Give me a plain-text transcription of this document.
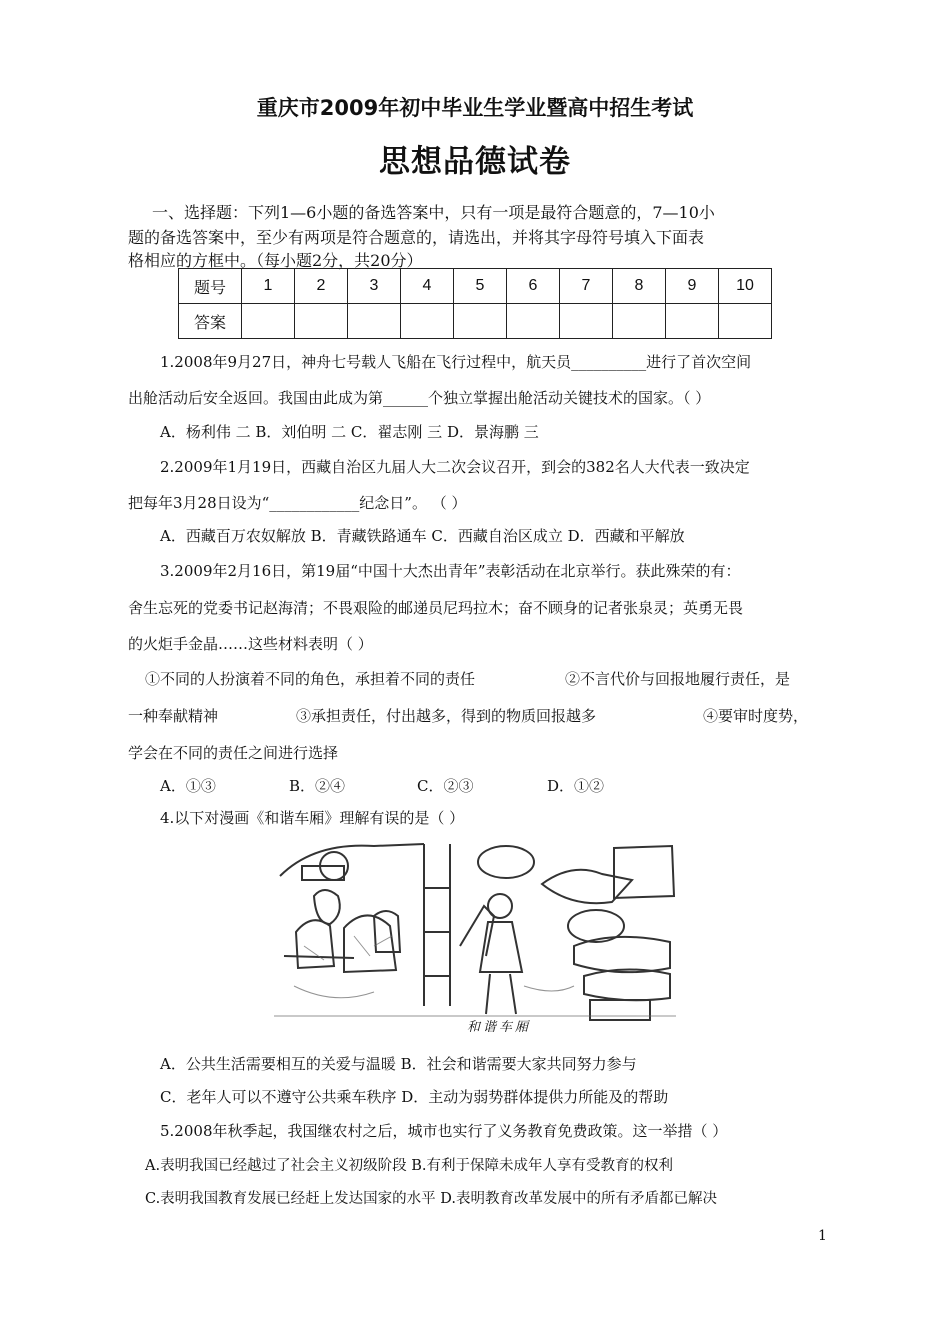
重庆市2009年初中毕业生学业暨高中招生考试
思想品德试卷
一、选择题：下列1—6小题的备选答案中，只有一项是最符合题意的，7—10小
题的备选答案中，至少有两项是符合题意的，请选出，并将其字母符号填入下面表
格相应的方框中。（每小题2分，共20分）
题号	1	2	3	4	5	6	7	8	9	10
答案										
1.2008年9月27日，神舟七号载人飞船在飞行过程中，航天员__________进行了首次空间
出舱活动后安全返回。我国由此成为第______个独立掌握出舱活动关键技术的国家。（ ）
A．杨利伟 二 B．刘伯明 二 C．翟志刚 三 D．景海鹏 三
2.2009年1月19日，西藏自治区九届人大二次会议召开，到会的382名人大代表一致决定
把每年3月28日设为“____________纪念日”。 （ ）
A．西藏百万农奴解放 B．青藏铁路通车 C．西藏自治区成立 D．西藏和平解放
3.2009年2月16日，第19届“中国十大杰出青年”表彰活动在北京举行。获此殊荣的有：
舍生忘死的党委书记赵海清；不畏艰险的邮递员尼玛拉木；奋不顾身的记者张泉灵；英勇无畏
的火炬手金晶……这些材料表明（ ）
①不同的人扮演着不同的角色，承担着不同的责任	②不言代价与回报地履行责任，是
一种奉献精神	③承担责任，付出越多，得到的物质回报越多	④要审时度势，
学会在不同的责任之间进行选择
A．①③	B．②④	C．②③	D．①②
4.以下对漫画《和谐车厢》理解有误的是（ ）
和谐车厢
A．公共生活需要相互的关爱与温暖 B．社会和谐需要大家共同努力参与
C．老年人可以不遵守公共乘车秩序 D．主动为弱势群体提供力所能及的帮助
5.2008年秋季起，我国继农村之后，城市也实行了义务教育免费政策。这一举措（ ）
A.表明我国已经越过了社会主义初级阶段 B.有利于保障未成年人享有受教育的权利
C.表明我国教育发展已经赶上发达国家的水平 D.表明教育改革发展中的所有矛盾都已解决
1
